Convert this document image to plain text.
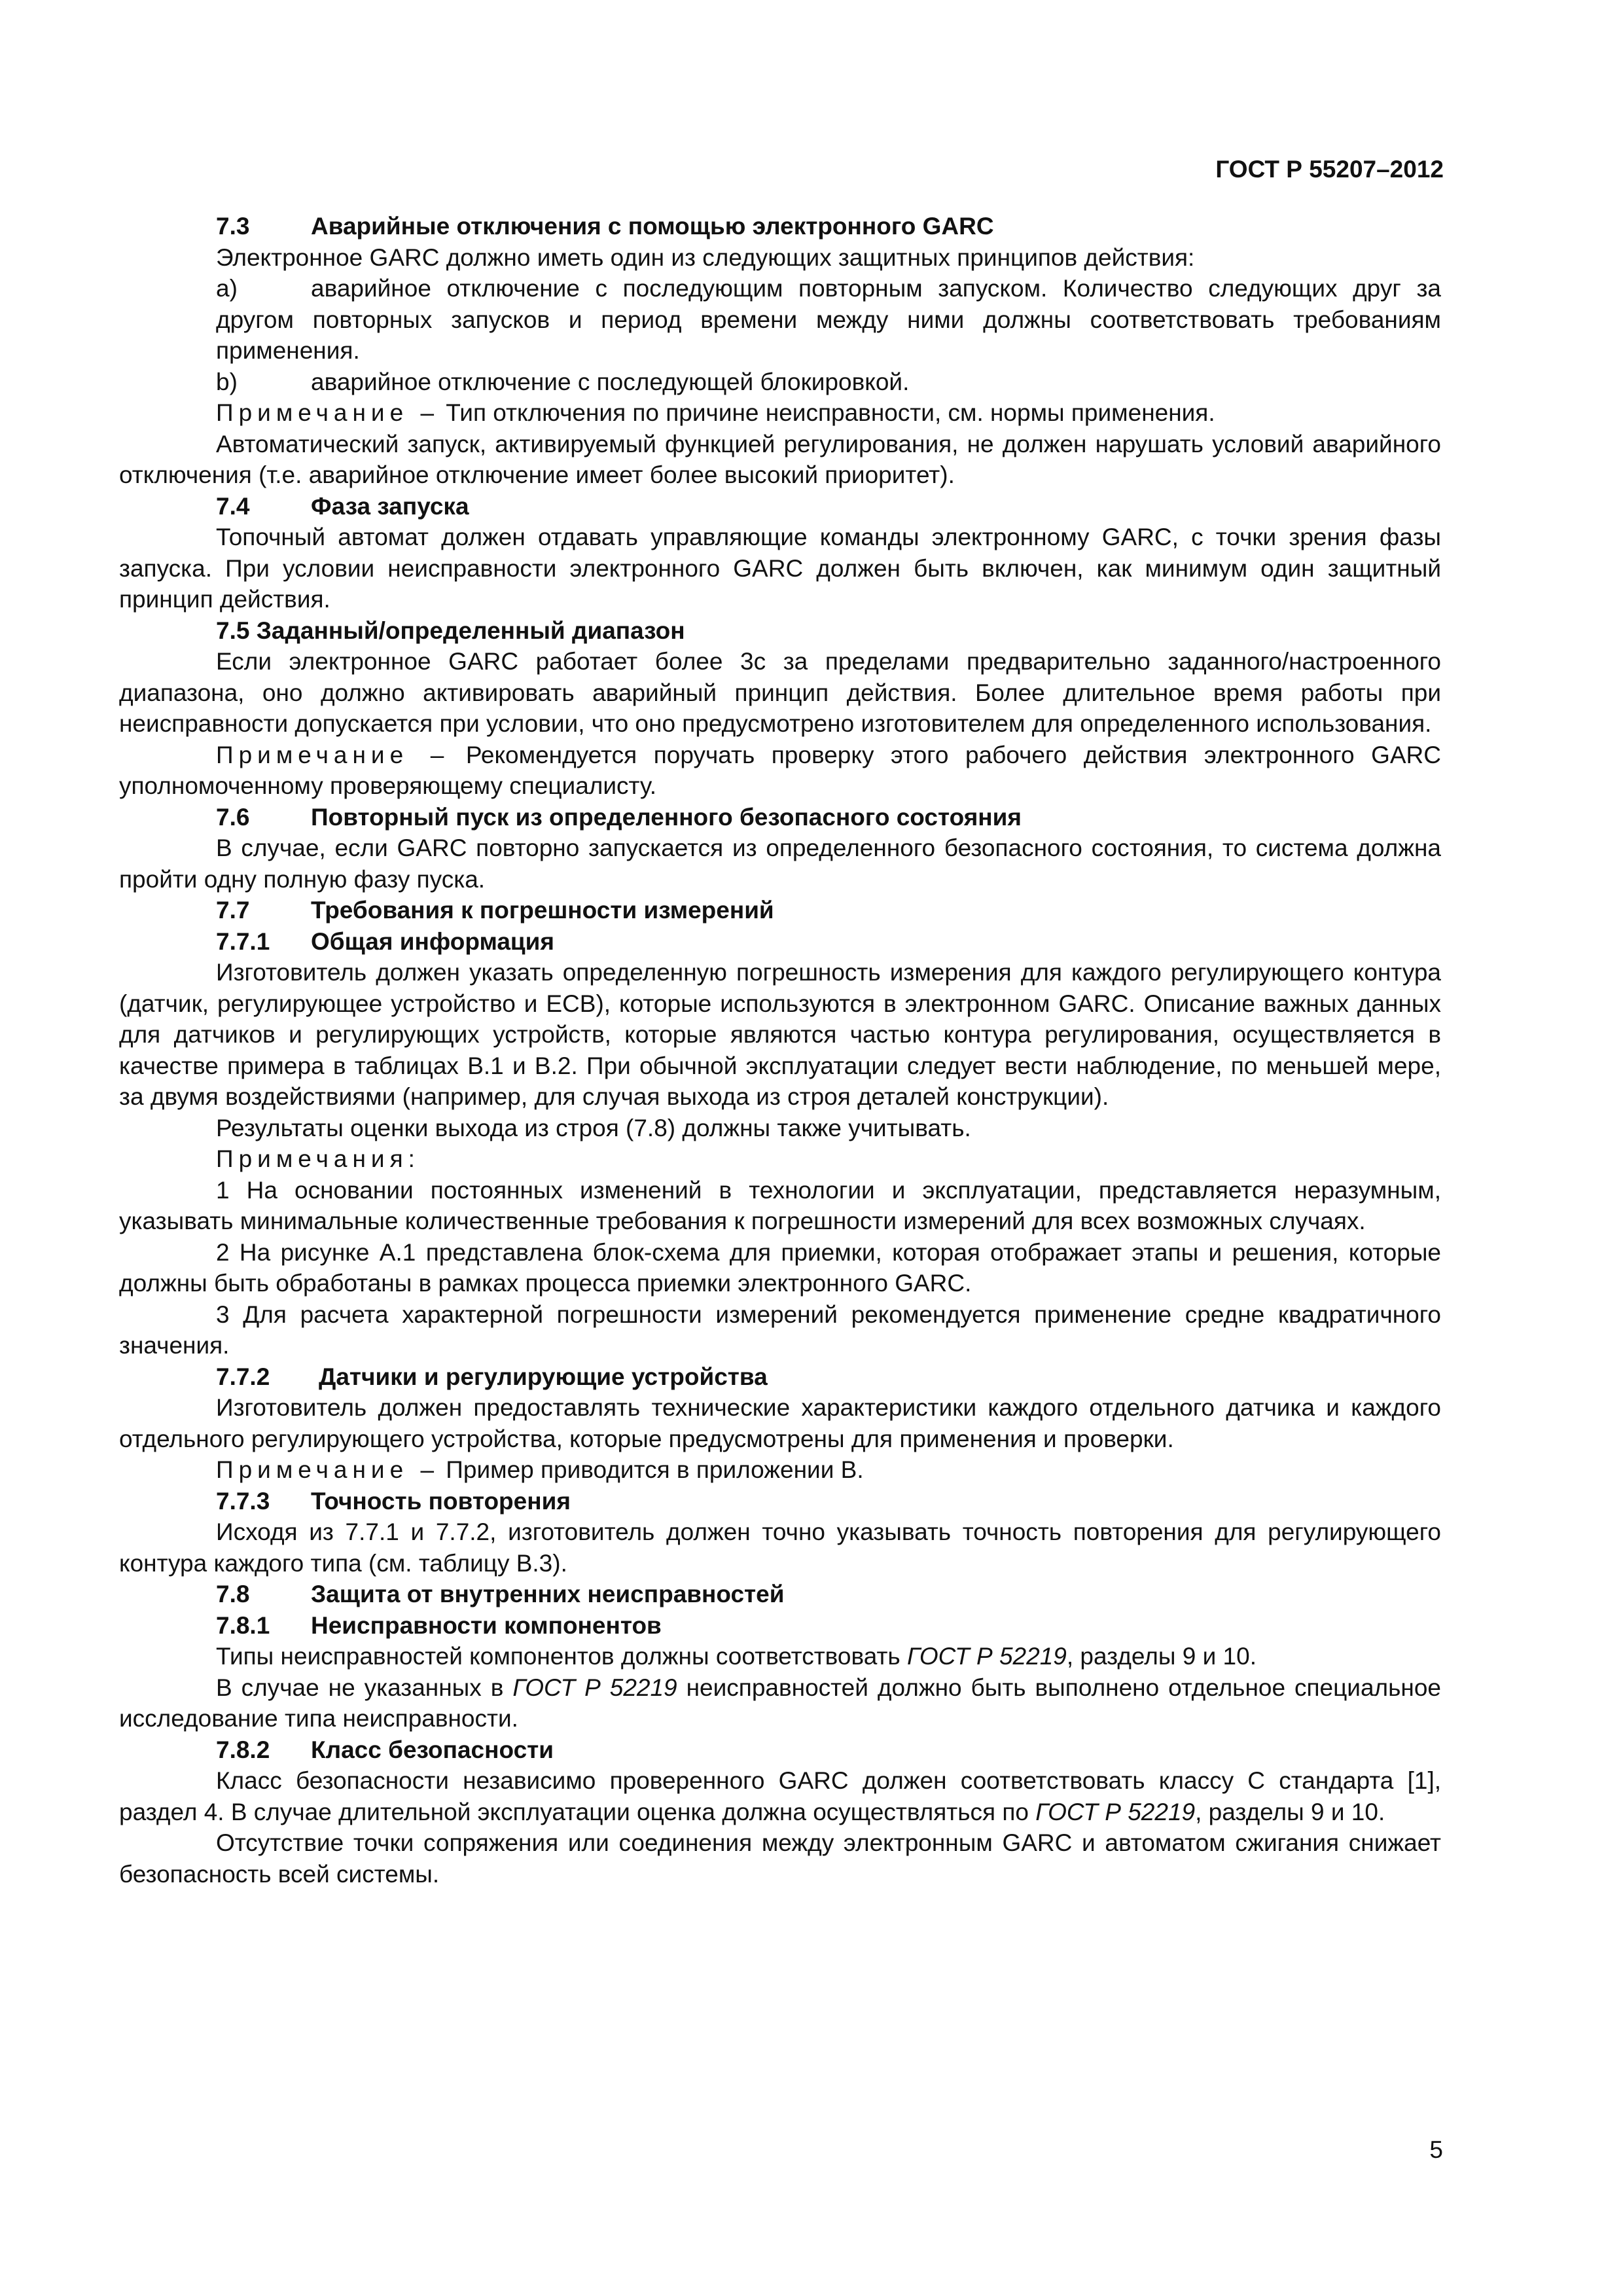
ГОСТ Р 55207–2012
7.3	Аварийные отключения с помощью электронного GARC

Электронное GARC должно иметь один из следующих защитных принципов действия:

a)	аварийное отключение с последующим повторным запуском. Количество следующих друг за другом повторных запусков и период времени между ними должны соответствовать требованиям применения.
b)	аварийное отключение с последующей блокировкой.

Примечание – Тип отключения по причине неисправности, см. нормы применения.

Автоматический запуск, активируемый функцией регулирования, не должен нарушать условий аварийного отключения (т.е. аварийное отключение имеет более высокий приоритет).

7.4	Фаза запуска

Топочный автомат должен отдавать управляющие команды электронному GARC, с точки зрения фазы запуска. При условии неисправности электронного GARC должен быть включен, как минимум один защитный принцип действия.

7.5 Заданный/определенный диапазон

Если электронное GARC работает более 3с за пределами предварительно заданного/настроенного диапазона, оно должно активировать аварийный принцип действия. Более длительное время работы при неисправности допускается при условии, что оно предусмотрено изготовителем для определенного использования.

Примечание – Рекомендуется поручать проверку этого рабочего действия электронного GARC уполномоченному проверяющему специалисту.

7.6	Повторный пуск из определенного безопасного состояния

В случае, если GARC повторно запускается из определенного безопасного состояния, то система должна пройти одну полную фазу пуска.

7.7	Требования к погрешности измерений
7.7.1 Общая информация

Изготовитель должен указать определенную погрешность измерения для каждого регулирующего контура (датчик, регулирующее устройство и ECB), которые используются в электронном GARC. Описание важных данных для датчиков и регулирующих устройств, которые являются частью контура регулирования, осуществляется в качестве примера в таблицах В.1 и В.2. При обычной эксплуатации следует вести наблюдение, по меньшей мере, за двумя воздействиями (например, для случая выхода из строя деталей конструкции).

Результаты оценки выхода из строя (7.8) должны также учитывать.

Примечания:

1 На основании постоянных изменений в технологии и эксплуатации, представляется неразумным, указывать минимальные количественные требования к погрешности измерений для всех возможных случаях.

2 На рисунке А.1 представлена блок-схема для приемки, которая отображает этапы и решения, которые должны быть обработаны в рамках процесса приемки электронного GARC.

3 Для расчета характерной погрешности измерений рекомендуется применение средне квадратичного значения.

7.7.2 Датчики и регулирующие устройства

Изготовитель должен предоставлять технические характеристики каждого отдельного датчика и каждого отдельного регулирующего устройства, которые предусмотрены для применения и проверки.

Примечание – Пример приводится в приложении В.

7.7.3 Точность повторения

Исходя из 7.7.1 и 7.7.2, изготовитель должен точно указывать точность повторения для регулирующего контура каждого типа (см. таблицу В.3).

7.8	Защита от внутренних неисправностей
7.8.1 Неисправности компонентов

Типы неисправностей компонентов должны соответствовать ГОСТ Р 52219, разделы 9 и 10.

В случае не указанных в ГОСТ Р 52219 неисправностей должно быть выполнено отдельное специальное исследование типа неисправности.

7.8.2 Класс безопасности

Класс безопасности независимо проверенного GARC должен соответствовать классу С стандарта [1], раздел 4. В случае длительной эксплуатации оценка должна осуществляться по ГОСТ Р 52219, разделы 9 и 10.

Отсутствие точки сопряжения или соединения между электронным GARC и автоматом сжигания снижает безопасность всей системы.

5
